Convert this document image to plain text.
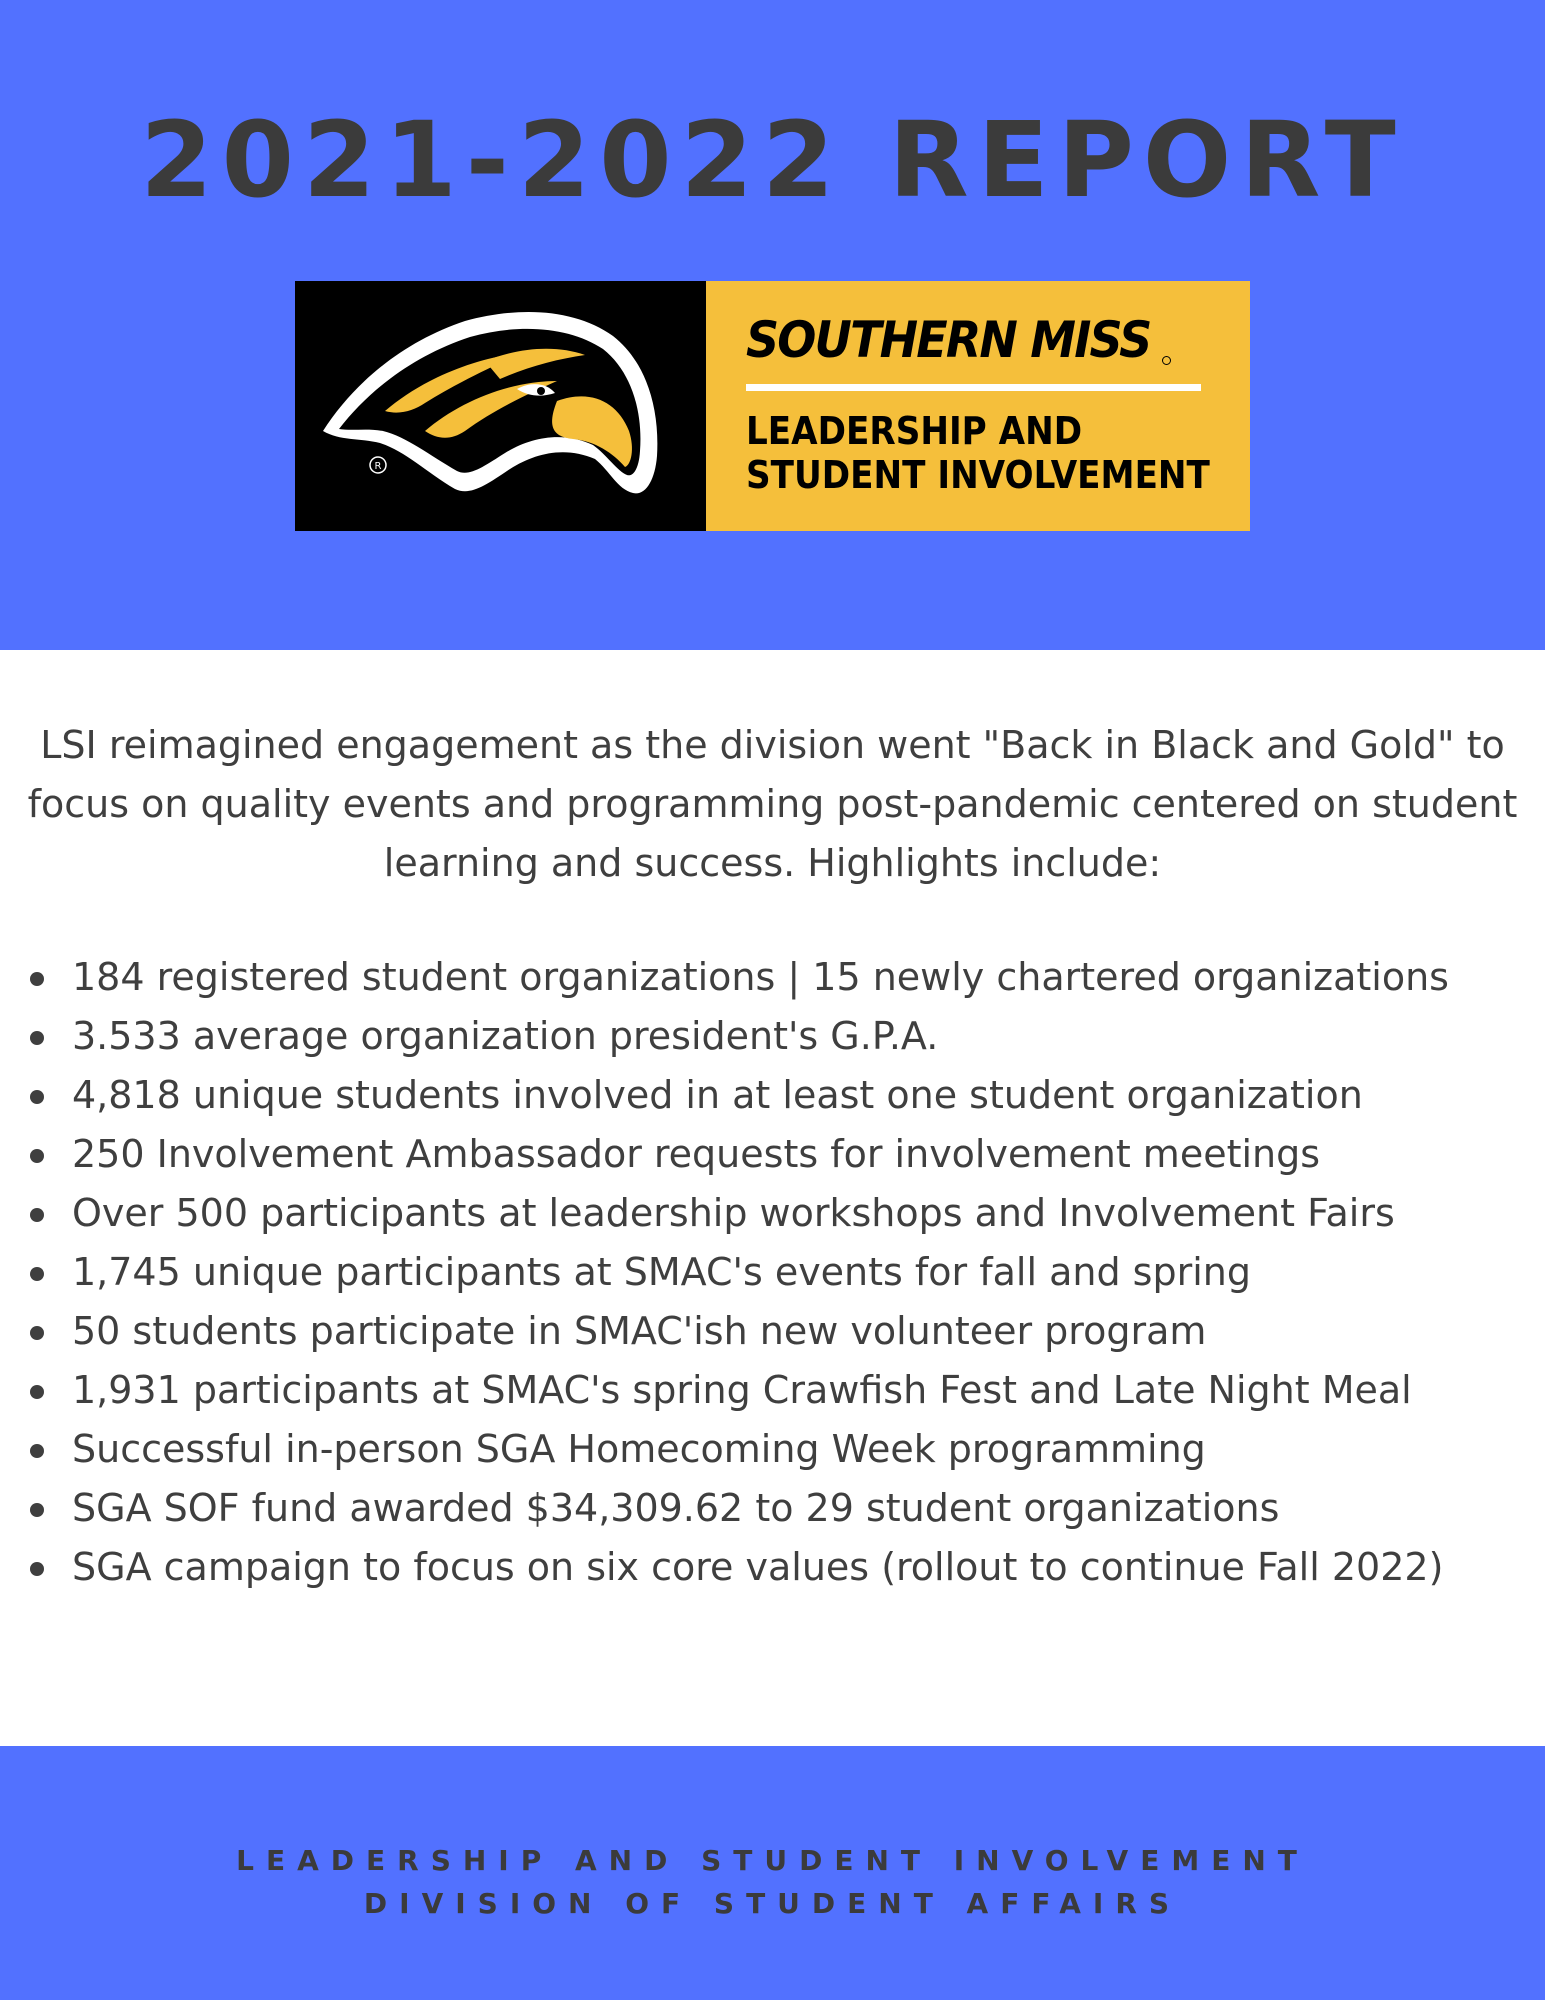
2021-2022 REPORT
R
SOUTHERN MISS
LEADERSHIP AND
STUDENT INVOLVEMENT
LSI reimagined engagement as the division went "Back in Black and Gold" to focus on quality events and programming post-pandemic centered on student learning and success. Highlights include:
184 registered student organizations | 15 newly chartered organizations
3.533 average organization president's G.P.A.
4,818 unique students involved in at least one student organization
250 Involvement Ambassador requests for involvement meetings
Over 500 participants at leadership workshops and Involvement Fairs
1,745 unique participants at SMAC's events for fall and spring
50 students participate in SMAC'ish new volunteer program
1,931 participants at SMAC's spring Crawfish Fest and Late Night Meal
Successful in-person SGA Homecoming Week programming
SGA SOF fund awarded $34,309.62 to 29 student organizations
SGA campaign to focus on six core values (rollout to continue Fall 2022)
LEADERSHIP AND STUDENT INVOLVEMENT
DIVISION OF STUDENT AFFAIRS
